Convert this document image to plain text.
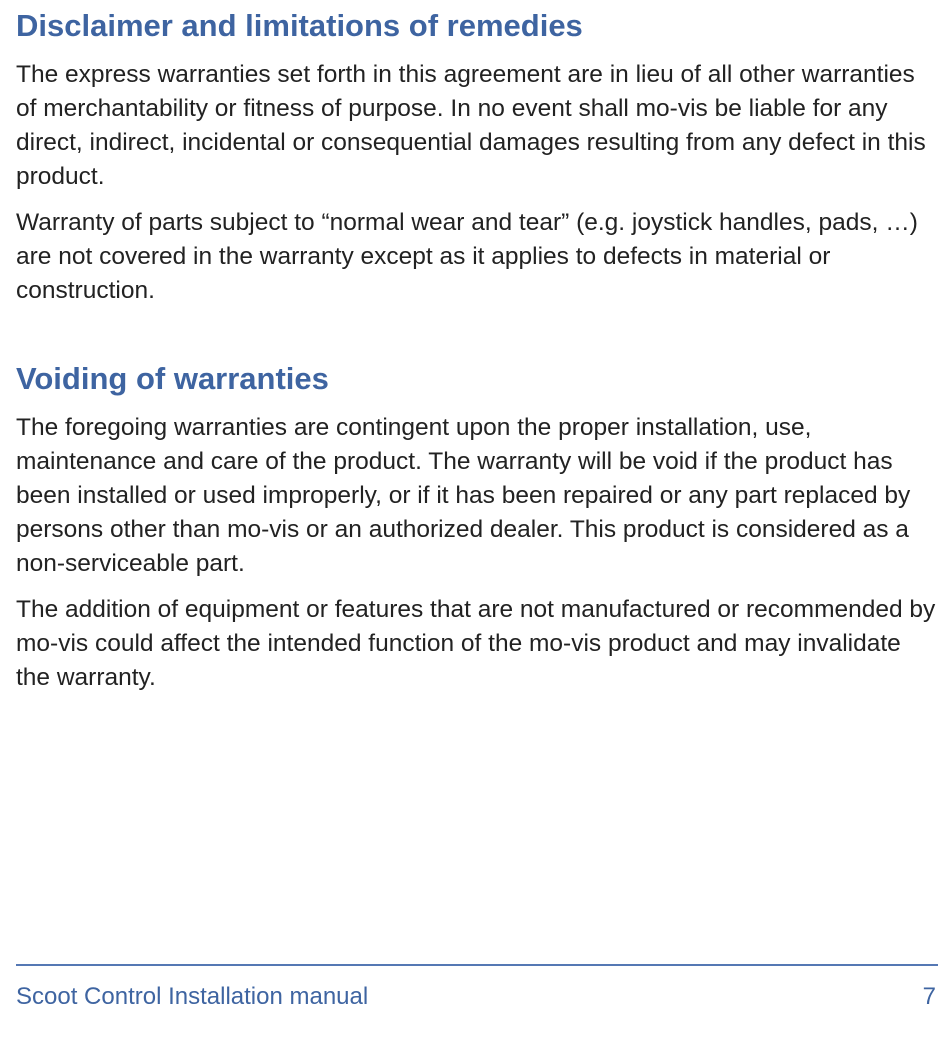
Disclaimer and limitations of remedies

The express warranties set forth in this agreement are in lieu of all other warranties of merchantability or fitness of purpose. In no event shall mo-vis be liable for any direct, indirect, incidental or consequential damages resulting from any defect in this product.

Warranty of parts subject to “normal wear and tear” (e.g. joystick handles, pads, …) are not covered in the warranty except as it applies to defects in material or construction.

Voiding of warranties

The foregoing warranties are contingent upon the proper installation, use, maintenance and care of the product. The warranty will be void if the product has been installed or used improperly, or if it has been repaired or any part replaced by persons other than mo-vis or an authorized dealer. This product is considered as a non-serviceable part.

The addition of equipment or features that are not manufactured or recommended by mo-vis could affect the intended function of the mo-vis product and may invalidate the warranty.

Scoot Control Installation manual	7
